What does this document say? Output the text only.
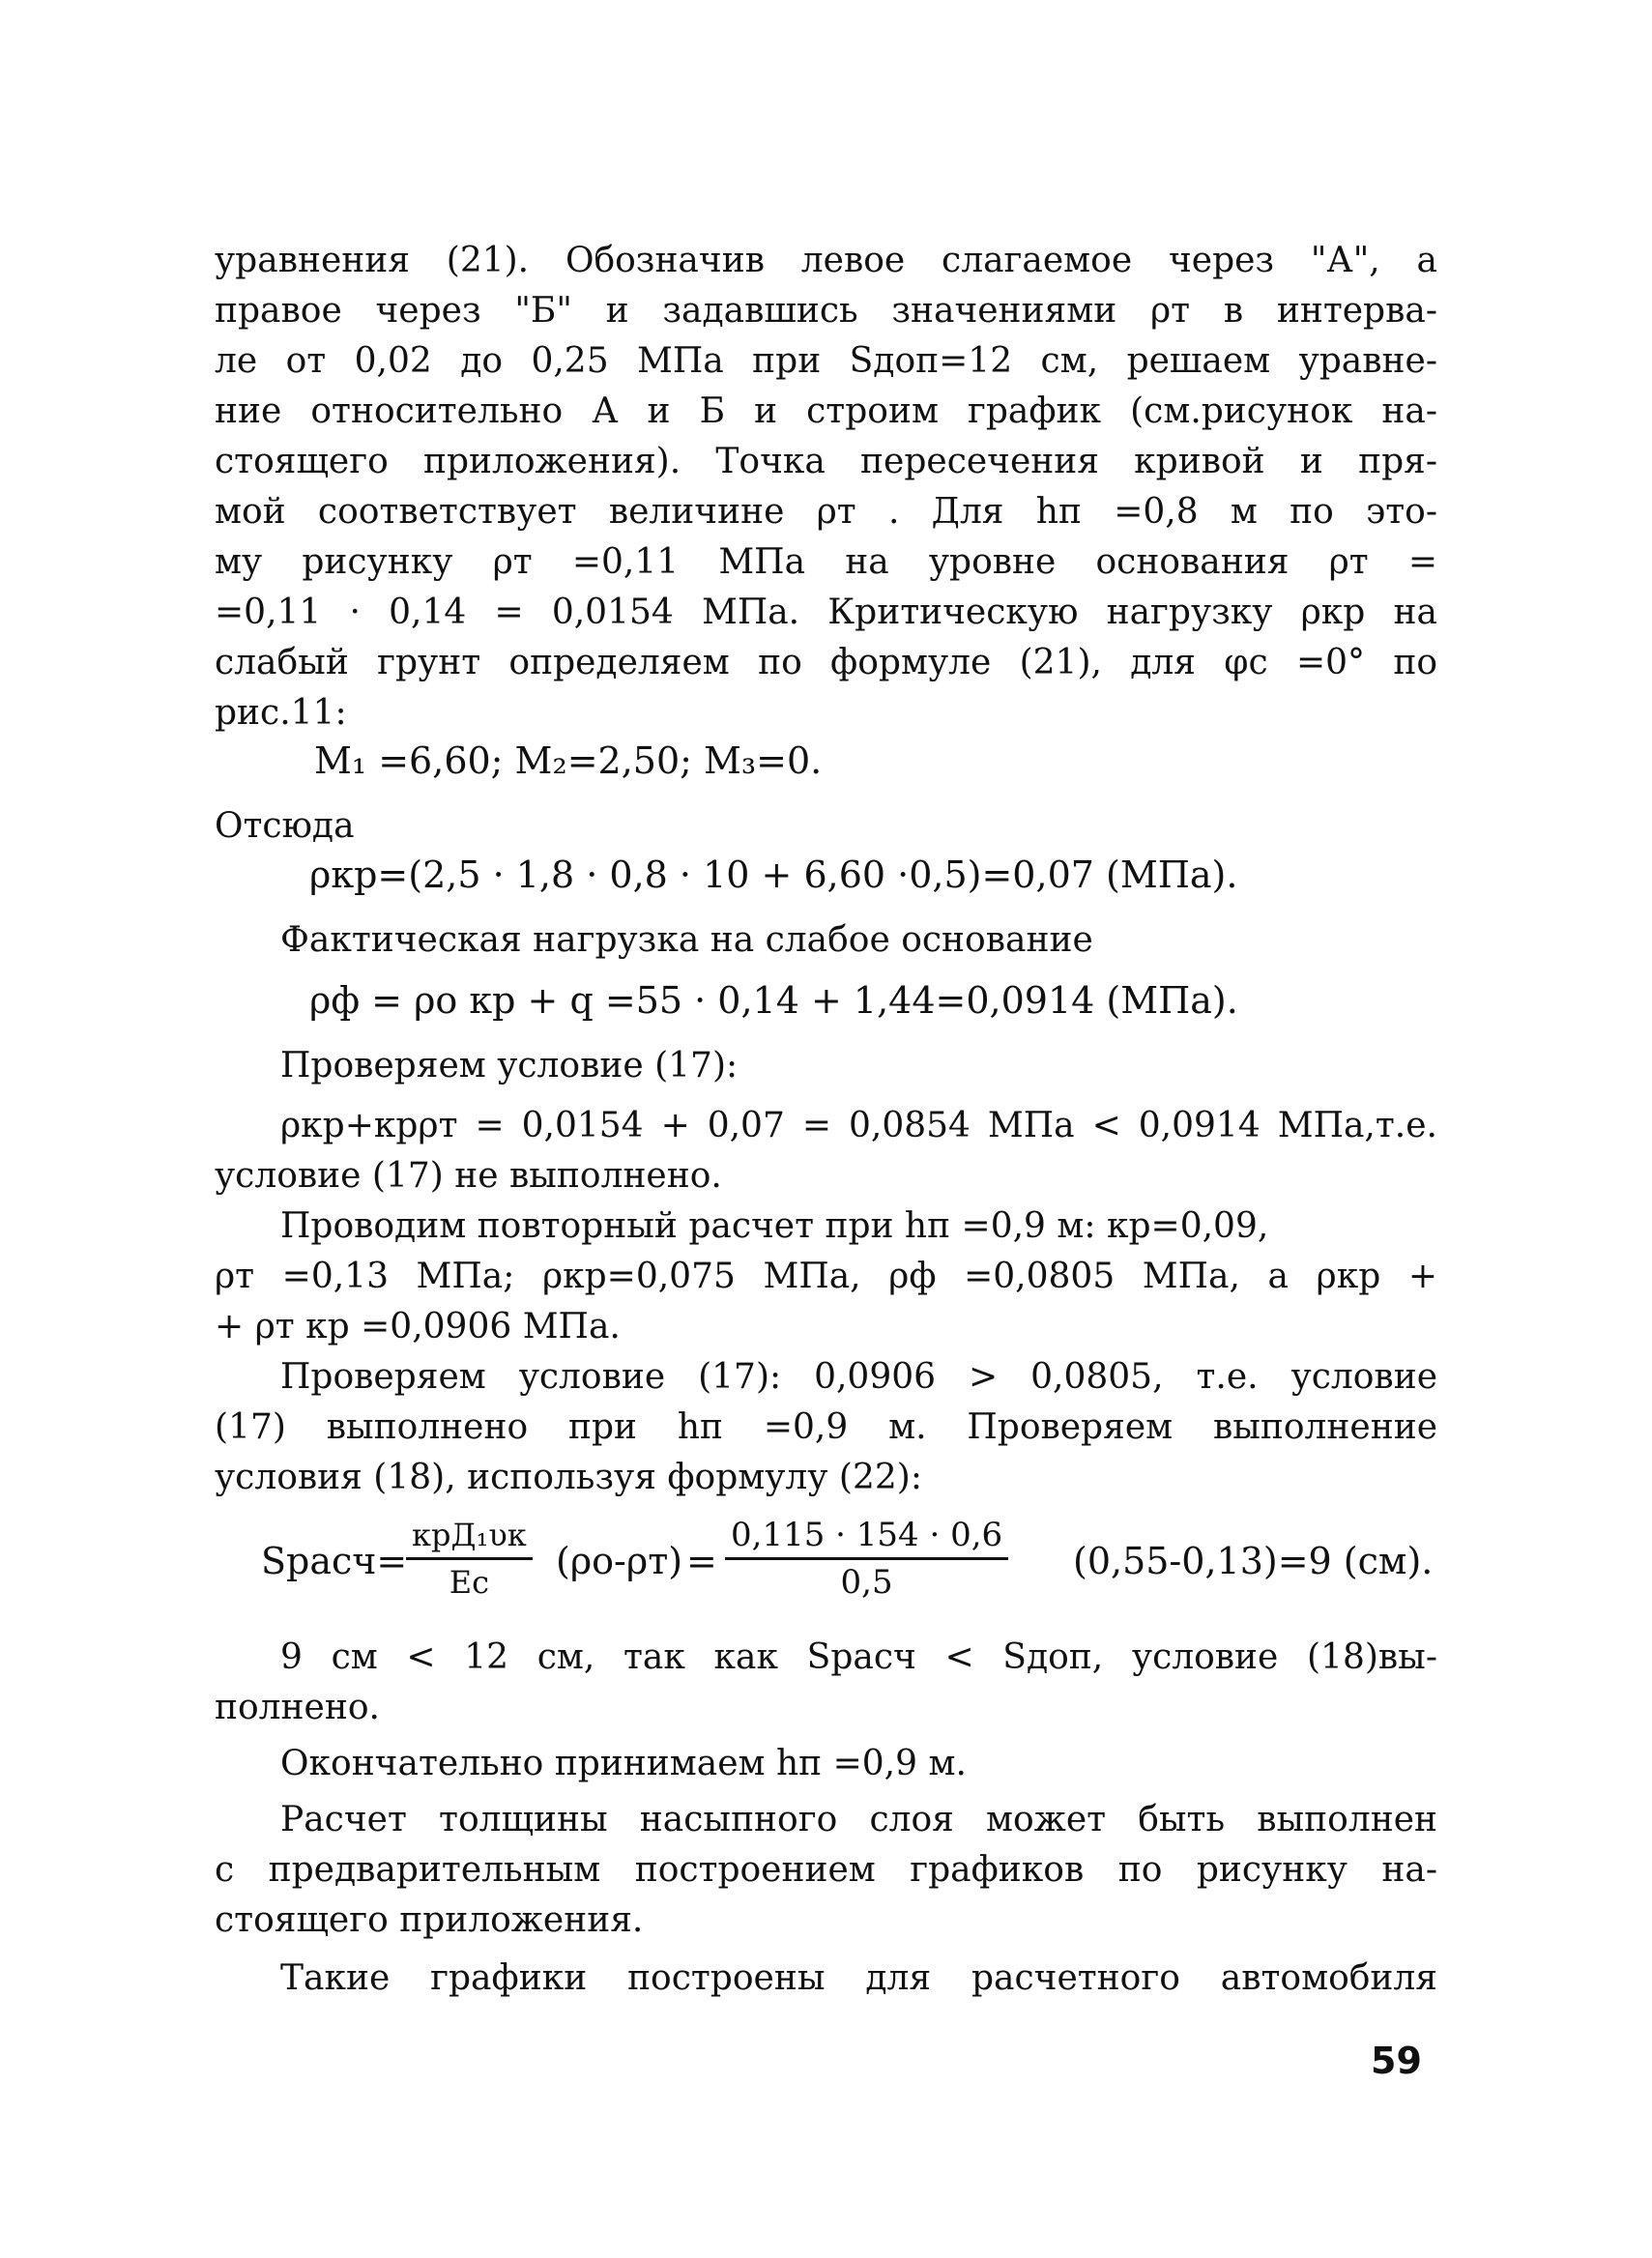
уравнения (21). Обозначив левое слагаемое через "А", а
правое через "Б" и задавшись значениями ρт в интерва-
ле от 0,02 до 0,25 МПа при Sдоп=12 см, решаем уравне-
ние относительно А и Б и строим график (см.рисунок на-
стоящего приложения). Точка пересечения кривой и пря-
мой соответствует величине ρт . Для hп =0,8 м по это-
му рисунку ρт =0,11 МПа на уровне основания ρт =
=0,11 · 0,14 = 0,0154 МПа. Критическую нагрузку ρкр на
слабый грунт определяем по формуле (21), для φс =0° по
рис.11:
M₁ =6,60; M₂=2,50; M₃=0.
Отсюда
ρкр=(2,5 · 1,8 · 0,8 · 10 + 6,60 ·0,5)=0,07 (МПа).
Фактическая нагрузка на слабое основание
ρф = ρо кр + q =55 · 0,14 + 1,44=0,0914 (МПа).
Проверяем условие (17):
ρкр+крρт = 0,0154 + 0,07 = 0,0854 МПа < 0,0914 МПа,т.е.
условие (17) не выполнено.
Проводим повторный расчет при hп =0,9 м: кр=0,09,
ρт =0,13 МПа; ρкр=0,075 МПа, ρф =0,0805 МПа, а ρкр +
+ ρт кр =0,0906 МПа.
Проверяем условие (17): 0,0906 > 0,0805, т.е. условие
(17) выполнено при hп =0,9 м. Проверяем выполнение
условия (18), используя формулу (22):
Sрасч=
крД₁υк
Eс $(\rho о-\rho т) = \frac{0,115 \cdot 154 \cdot 0,6}{0,5} (0,55-0,13)=9$ (см).
9 см < 12 см, так как Sрасч < Sдоп, условие (18)вы-
полнено.
Окончательно принимаем hп =0,9 м.
Расчет толщины насыпного слоя может быть выполнен
с предварительным построением графиков по рисунку на-
стоящего приложения.
Такие графики построены для расчетного автомобиля
59
